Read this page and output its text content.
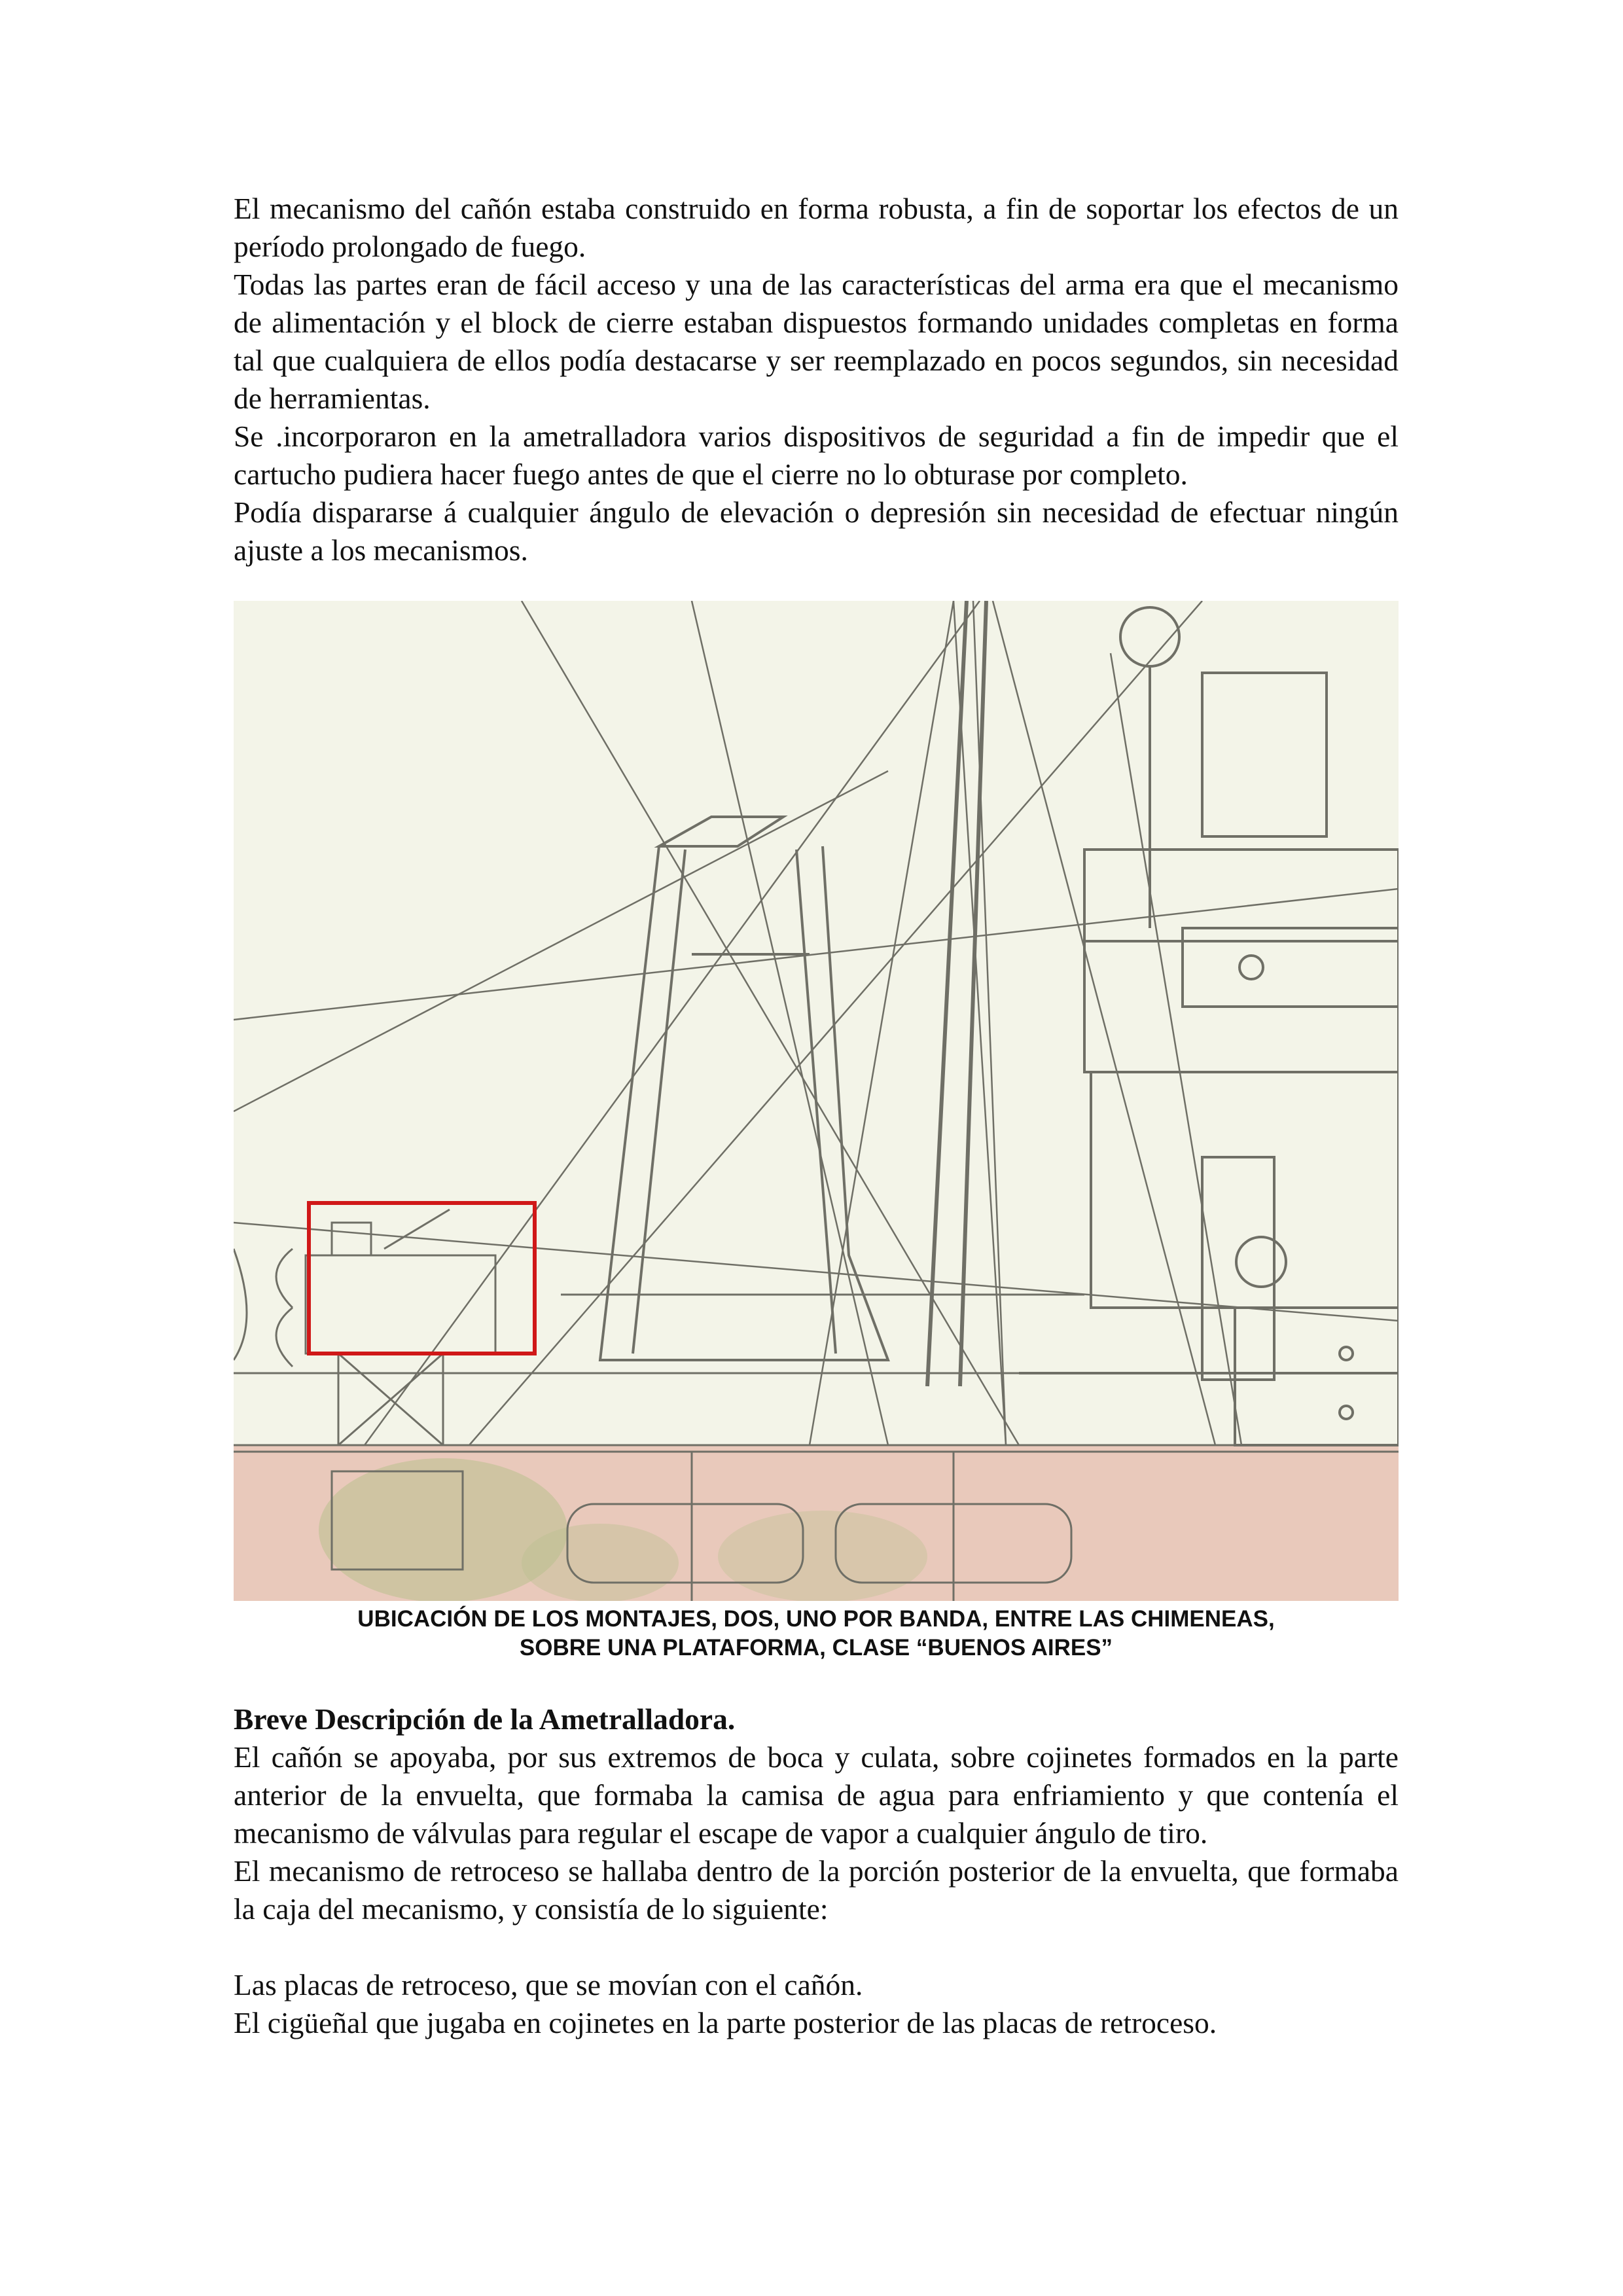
El mecanismo del cañón estaba construido en forma robusta, a fin de soportar los efectos de un período prolongado de fuego.

Todas las partes eran de fácil acceso y una de las características del arma era que el mecanismo de alimentación y el block de cierre estaban dispuestos formando unidades completas en forma tal que cualquiera de ellos podía destacarse y ser reemplazado en pocos segundos, sin necesidad de herramientas.

Se .incorporaron en la ametralladora varios dispositivos de seguridad a fin de impedir que el cartucho pudiera hacer fuego antes de que el cierre no lo obturase por completo.

Podía dispararse á cualquier ángulo de elevación o depresión sin necesidad de efectuar ningún ajuste a los mecanismos.

UBICACIÓN DE LOS MONTAJES, DOS, UNO POR BANDA, ENTRE LAS CHIMENEAS,
SOBRE UNA PLATAFORMA, CLASE “BUENOS AIRES”

Breve Descripción de la Ametralladora.

El cañón se apoyaba, por sus extremos de boca y culata, sobre cojinetes formados en la parte anterior de la envuelta, que formaba la camisa de agua para enfriamiento y que contenía el mecanismo de válvulas para regular el escape de vapor a cualquier ángulo de tiro.

El mecanismo de retroceso se hallaba dentro de la porción posterior de la envuelta, que formaba la caja del mecanismo, y consistía de lo siguiente:

Las placas de retroceso, que se movían con el cañón.

El cigüeñal que jugaba en cojinetes en la parte posterior de las placas de retroceso.
